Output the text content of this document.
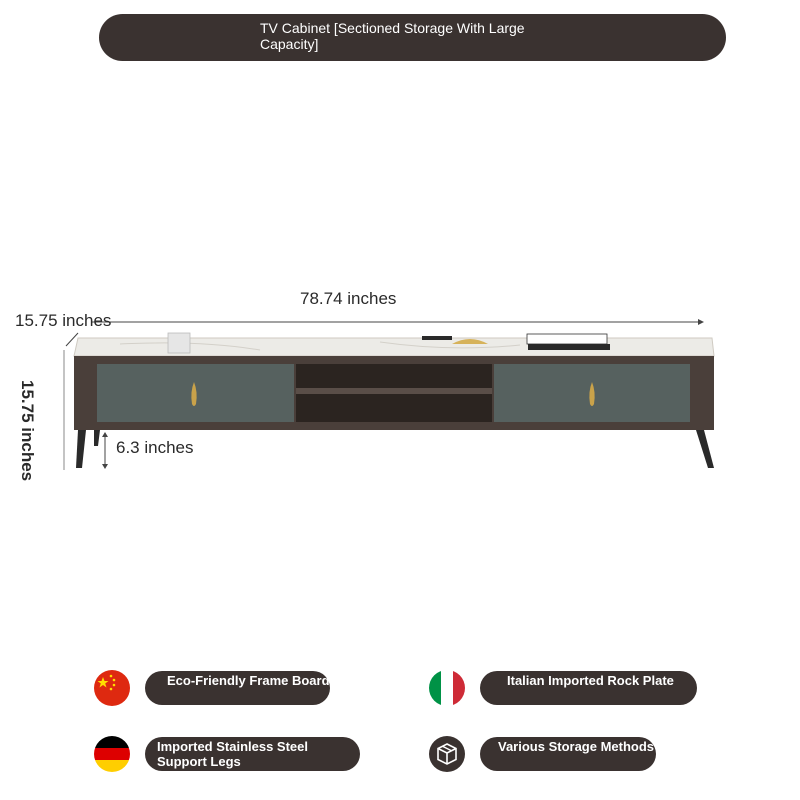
TV Cabinet [Sectioned Storage With Large Capacity]
78.74 inches
15.75 inches
15.75 inches	6.3 inches
Eco-Friendly Frame Board	Italian Imported Rock Plate
Imported Stainless Steel Support Legs
Various Storage Methods
